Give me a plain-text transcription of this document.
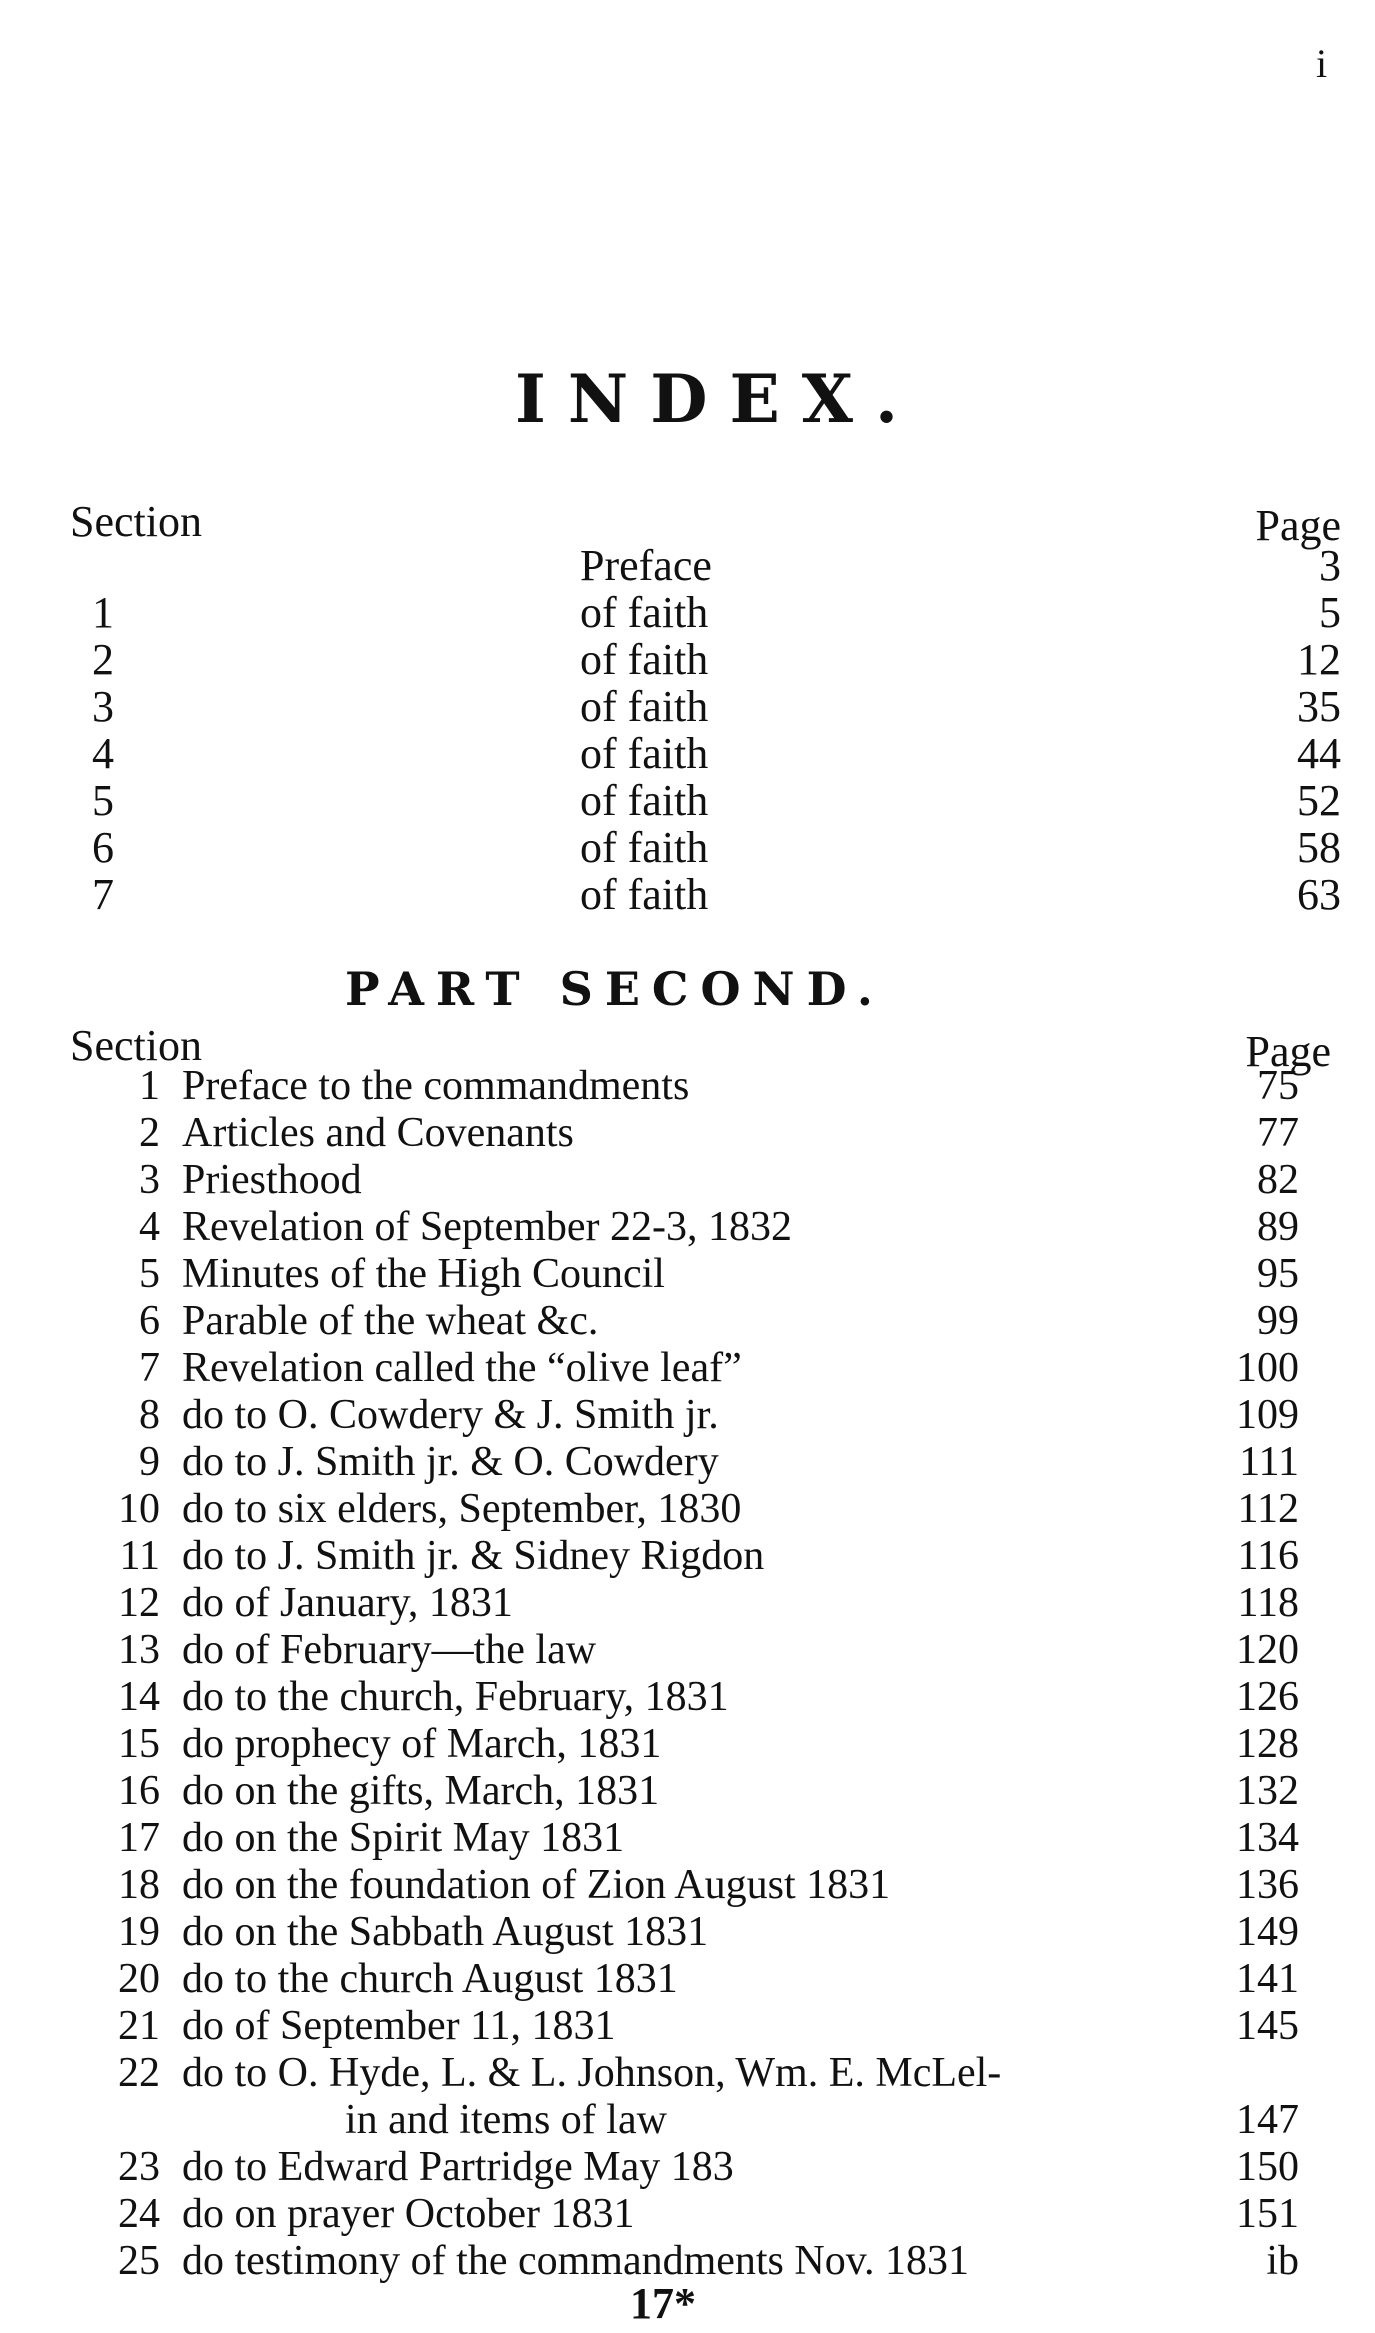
i
INDEX.
Section	Page
Preface	3
1	of faith	5
2	of faith	12
3	of faith	35
4	of faith	44
5	of faith	52
6	of faith	58
7	of faith	63
PART SECOND.
Section	Page
1 Preface to the commandments	75
2 Articles and Covenants	77
3 Priesthood	82
4 Revelation of September 22-3, 1832	89
5 Minutes of the High Council	95
6 Parable of the wheat &c.	99
7 Revelation called the “olive leaf”	100
8 do to O. Cowdery & J. Smith jr.	109
9 do to J. Smith jr. & O. Cowdery	111
10 do to six elders, September, 1830	112
11 do to J. Smith jr. & Sidney Rigdon	116
12 do of January, 1831	118
13 do of February—the law	120
14 do to the church, February, 1831	126
15 do prophecy of March, 1831	128
16 do on the gifts, March, 1831	132
17 do on the Spirit May 1831	134
18 do on the foundation of Zion August 1831	136
19 do on the Sabbath August 1831	149
20 do to the church August 1831	141
21 do of September 11, 1831	145
22 do to O. Hyde, L. & L. Johnson, Wm. E. McLel-
in and items of law	147
23 do to Edward Partridge May 183	150
24 do on prayer October 1831	151
25 do testimony of the commandments Nov. 1831	ib
17*
